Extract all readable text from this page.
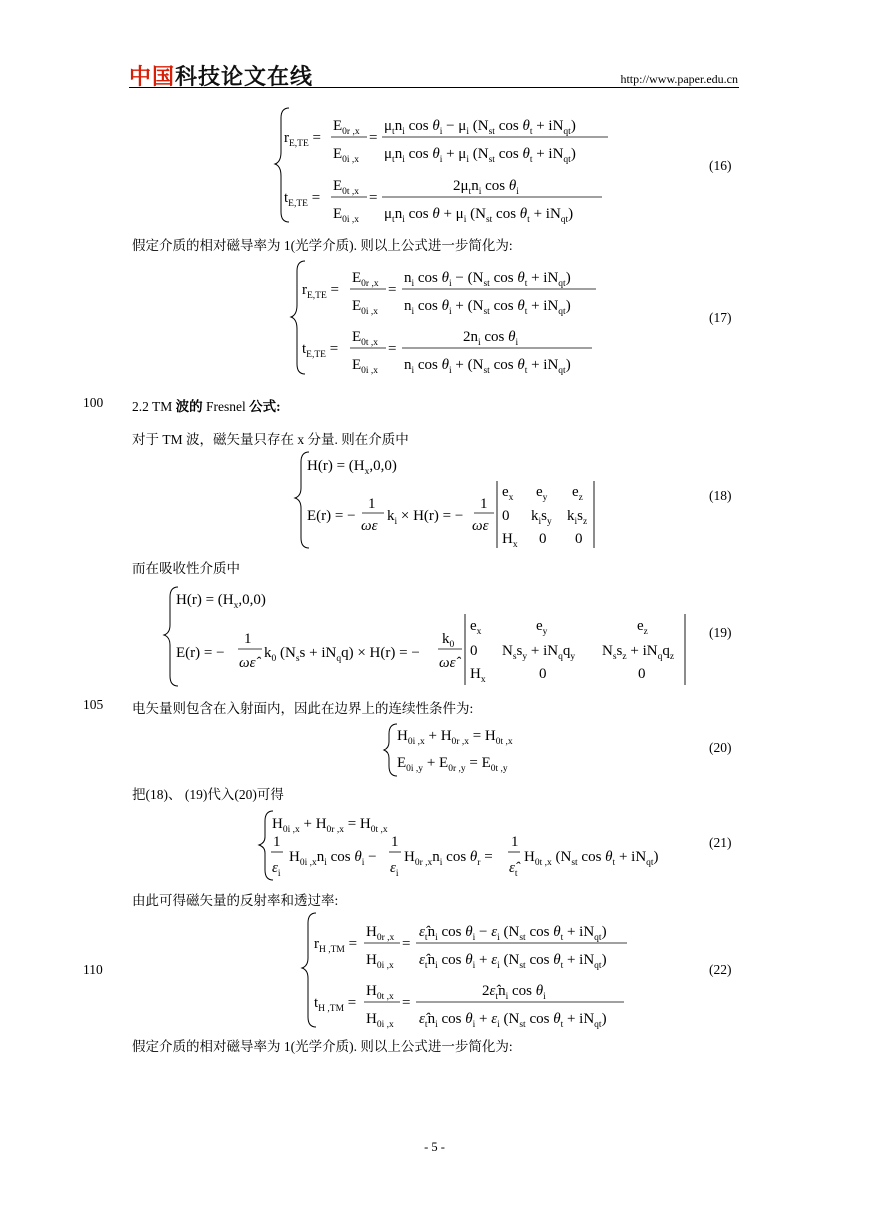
中国科技论文在线	http://www.paper.edu.cn
假定介质的相对磁导率为 1(光学介质). 则以上公式进一步简化为:
100 2.2 TM 波的 Fresnel 公式:
对于 TM 波，磁矢量只存在 x 分量. 则在介质中
而在吸收性介质中
105 电矢量则包含在入射面内，因此在边界上的连续性条件为:
把(18)、 (19)代入(20)可得
由此可得磁矢量的反射率和透过率:
110
假定介质的相对磁导率为 1(光学介质). 则以上公式进一步简化为:
(16)
(17)
(18)
(19)
(20)
(21)
(22)
$r_{E,TE}$ =
$E_{0r ,x}$
$E_{0i ,x}$
=
$\mu_tn_i$ $\cos \theta_i - \mu_i$ ($N_{st}$ $\cos \theta_t + iN_{qt}$)
$\mu_tn_i$ $\cos \theta_i + \mu_i$ ($N_{st}$ $\cos \theta_t + iN_{qt}$)
$t_{E,TE}$ =
$E_{0t ,x}$
$E_{0i ,x}$
=
$2\mu_tn_i$ $\cos \theta_i$
$\mu_tn_i$ $\cos \theta + \mu_i$ ($N_{st}$ $\cos \theta_t + iN_{qt}$)
$r_{E,TE}$ =
$E_{0r ,x}$
$E_{0i ,x}$
=
$n_i$ $\cos \theta_i - (N_{st}$ $\cos \theta_t + iN_{qt}$)
$n_i$ $\cos \theta_i + (N_{st}$ $\cos \theta_t + iN_{qt}$)
$t_{E,TE}$ =
$E_{0t ,x}$
$E_{0i ,x}$
=
$2n_i$ $\cos \theta_i$
$n_i$ $\cos \theta_i + (N_{st}$ $\cos \theta_t + iN_{qt}$)
$H(r) = (H_x,0,0)$
E(r) = −
1
ωε
$k_i \times H(r)$ = −
1
ωε
$e_x$ $e_y$ $e_z$
0 $k_is_y$ $k_is_z$
$H_x$ 0 0
$H(r) = (H_x,0,0)$
E(r) = −
1
ωε̂
$k_0$ $(N_ss + iN_qq) \times H(r)$ = −
$k_0$
ωε̂
$e_x$	$e_y$	$e_z$
0 $N_ss_y + iN_qq_y$ $N_ss_z + iN_qq_z$
$H_x$	0	0
$H_{0i ,x} + H_{0r ,x} = H_{0t ,x}$
$E_{0i ,y} + E_{0r ,y} = E_{0t ,y}$
$H_{0i ,x} + H_{0r ,x} = H_{0t ,x}$
1
$\varepsilon_i$
$H_{0i ,x}n_i$ $\cos \theta_i$ −
1
$\varepsilon_i$
$H_{0r ,x}n_i$ $\cos \theta_r$ =
1
$\varepsilon̂_t$
$H_{0t ,x}$ ($N_{st}$ $\cos \theta_t + iN_{qt}$)
$r_{H ,TM}$ =
$H_{0r ,x}$
$H_{0i ,x}$
=
$\varepsilon̂_tn_i$ $\cos \theta_i - \varepsilon_i$ ($N_{st}$ $\cos \theta_t + iN_{qt}$)
$\varepsilon̂_tn_i$ $\cos \theta_i + \varepsilon_i$ ($N_{st}$ $\cos \theta_t + iN_{qt}$)
$t_{H ,TM}$ =
$H_{0t ,x}$
$H_{0i ,x}$
=
$2\varepsilon̂_tn_i$ $\cos \theta_i$
$\varepsilon̂_tn_i$ $\cos \theta_i + \varepsilon_i$ ($N_{st}$ $\cos \theta_t + iN_{qt}$)
- 5 -
